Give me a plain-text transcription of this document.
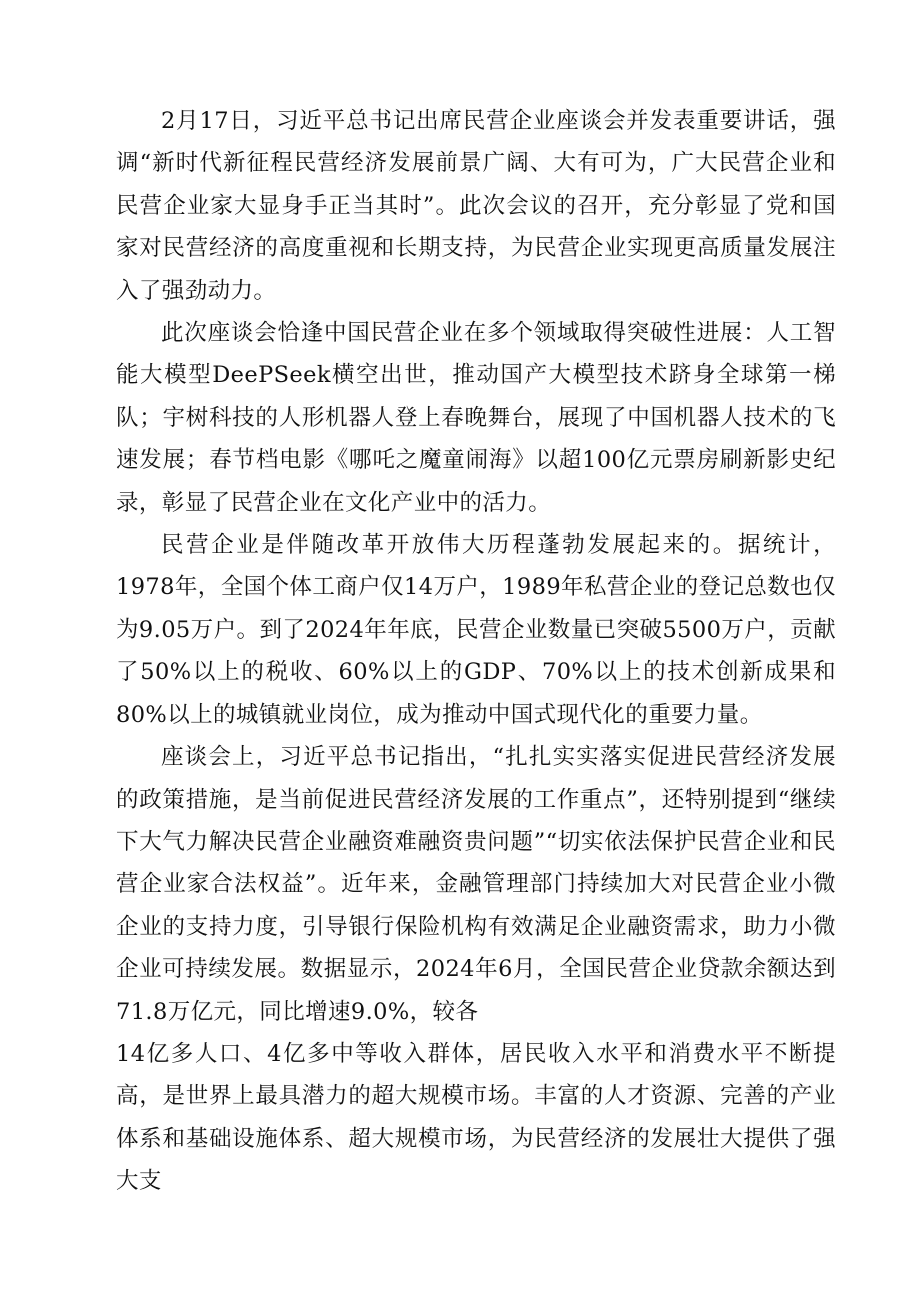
2月17日，习近平总书记出席民营企业座谈会并发表重要讲话，强调“新时代新征程民营经济发展前景广阔、大有可为，广大民营企业和民营企业家大显身手正当其时”。此次会议的召开，充分彰显了党和国家对民营经济的高度重视和长期支持，为民营企业实现更高质量发展注入了强劲动力。

此次座谈会恰逢中国民营企业在多个领域取得突破性进展：人工智能大模型DeePSeek横空出世，推动国产大模型技术跻身全球第一梯队；宇树科技的人形机器人登上春晚舞台，展现了中国机器人技术的飞速发展；春节档电影《哪吒之魔童闹海》以超100亿元票房刷新影史纪录，彰显了民营企业在文化产业中的活力。

民营企业是伴随改革开放伟大历程蓬勃发展起来的。据统计，1978年，全国个体工商户仅14万户，1989年私营企业的登记总数也仅为9.05万户。到了2024年年底，民营企业数量已突破5500万户，贡献了50%以上的税收、60%以上的GDP、70%以上的技术创新成果和80%以上的城镇就业岗位，成为推动中国式现代化的重要力量。

座谈会上，习近平总书记指出，“扎扎实实落实促进民营经济发展的政策措施，是当前促进民营经济发展的工作重点”，还特别提到“继续下大气力解决民营企业融资难融资贵问题”“切实依法保护民营企业和民营企业家合法权益”。近年来，金融管理部门持续加大对民营企业小微企业的支持力度，引导银行保险机构有效满足企业融资需求，助力小微企业可持续发展。数据显示，2024年6月，全国民营企业贷款余额达到71.8万亿元，同比增速9.0%，较各

14亿多人口、4亿多中等收入群体，居民收入水平和消费水平不断提高，是世界上最具潜力的超大规模市场。丰富的人才资源、完善的产业体系和基础设施体系、超大规模市场，为民营经济的发展壮大提供了强大支
